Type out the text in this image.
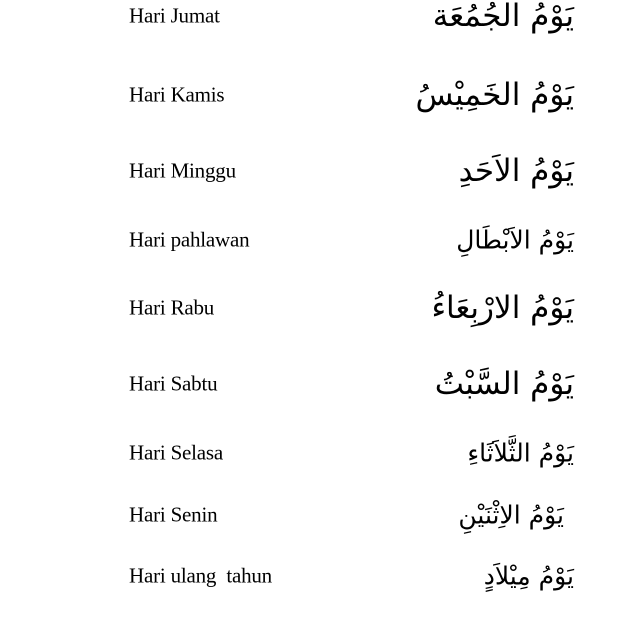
Hari Jumat	يَوْمُ الجُمُعَة
Hari Kamis	يَوْمُ الخَمِيْسُ
Hari Minggu	يَوْمُ الاَحَدِ
Hari pahlawan	يَوْمُ الاَبْطَالِ
Hari Rabu	يَوْمُ الارْبِعَاءُ
Hari Sabtu	يَوْمُ السَّبْتُ
Hari Selasa	يَوْمُ الثَّلاَثَاءِ
Hari Senin	يَوْمُ الاِثْنَيْنِ
Hari ulang  tahun	يَوْمُ مِيْلاَدٍ
